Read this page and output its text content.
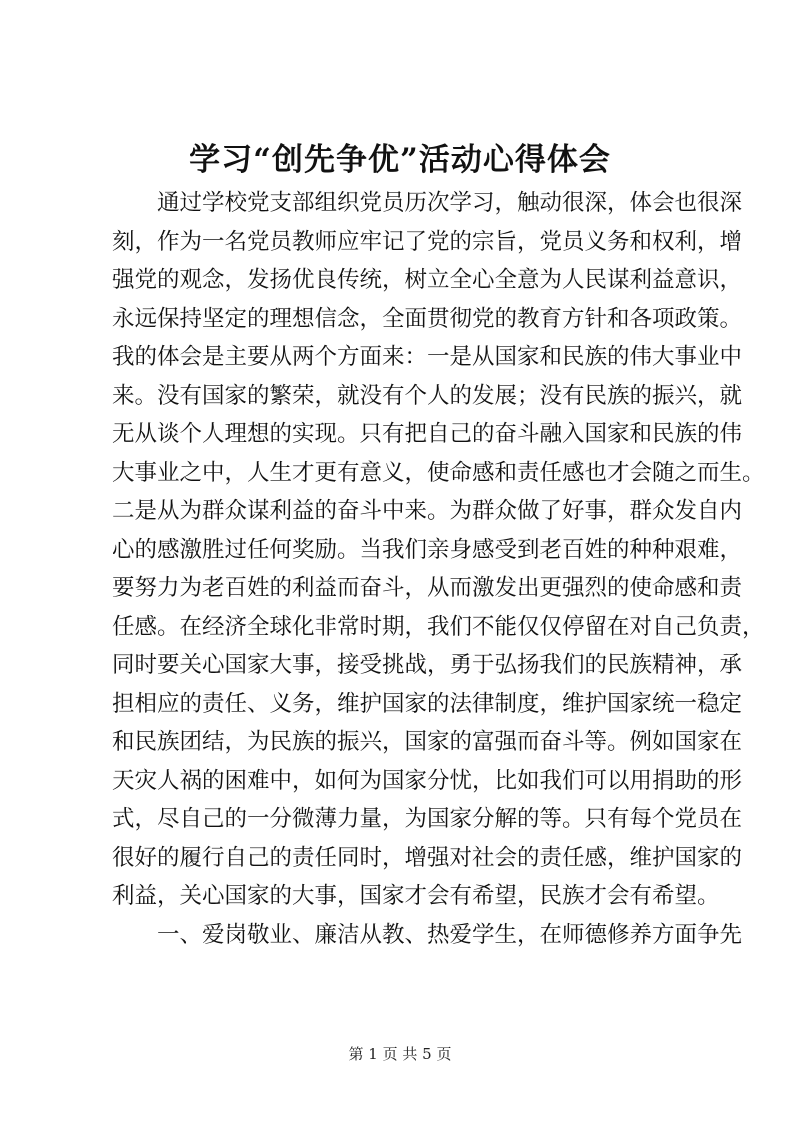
学习“创先争优”活动心得体会
通过学校党支部组织党员历次学习，触动很深，体会也很深
刻，作为一名党员教师应牢记了党的宗旨，党员义务和权利，增
强党的观念，发扬优良传统，树立全心全意为人民谋利益意识，
永远保持坚定的理想信念，全面贯彻党的教育方针和各项政策。
我的体会是主要从两个方面来：一是从国家和民族的伟大事业中
来。没有国家的繁荣，就没有个人的发展；没有民族的振兴，就
无从谈个人理想的实现。只有把自己的奋斗融入国家和民族的伟
大事业之中，人生才更有意义，使命感和责任感也才会随之而生。
二是从为群众谋利益的奋斗中来。为群众做了好事，群众发自内
心的感激胜过任何奖励。当我们亲身感受到老百姓的种种艰难，
要努力为老百姓的利益而奋斗，从而激发出更强烈的使命感和责
任感。在经济全球化非常时期，我们不能仅仅停留在对自己负责，
同时要关心国家大事，接受挑战，勇于弘扬我们的民族精神，承
担相应的责任、义务，维护国家的法律制度，维护国家统一稳定
和民族团结，为民族的振兴，国家的富强而奋斗等。例如国家在
天灾人祸的困难中，如何为国家分忧，比如我们可以用捐助的形
式，尽自己的一分微薄力量，为国家分解的等。只有每个党员在
很好的履行自己的责任同时，增强对社会的责任感，维护国家的
利益，关心国家的大事，国家才会有希望，民族才会有希望。
一、爱岗敬业、廉洁从教、热爱学生，在师德修养方面争先
第 1 页 共 5 页
